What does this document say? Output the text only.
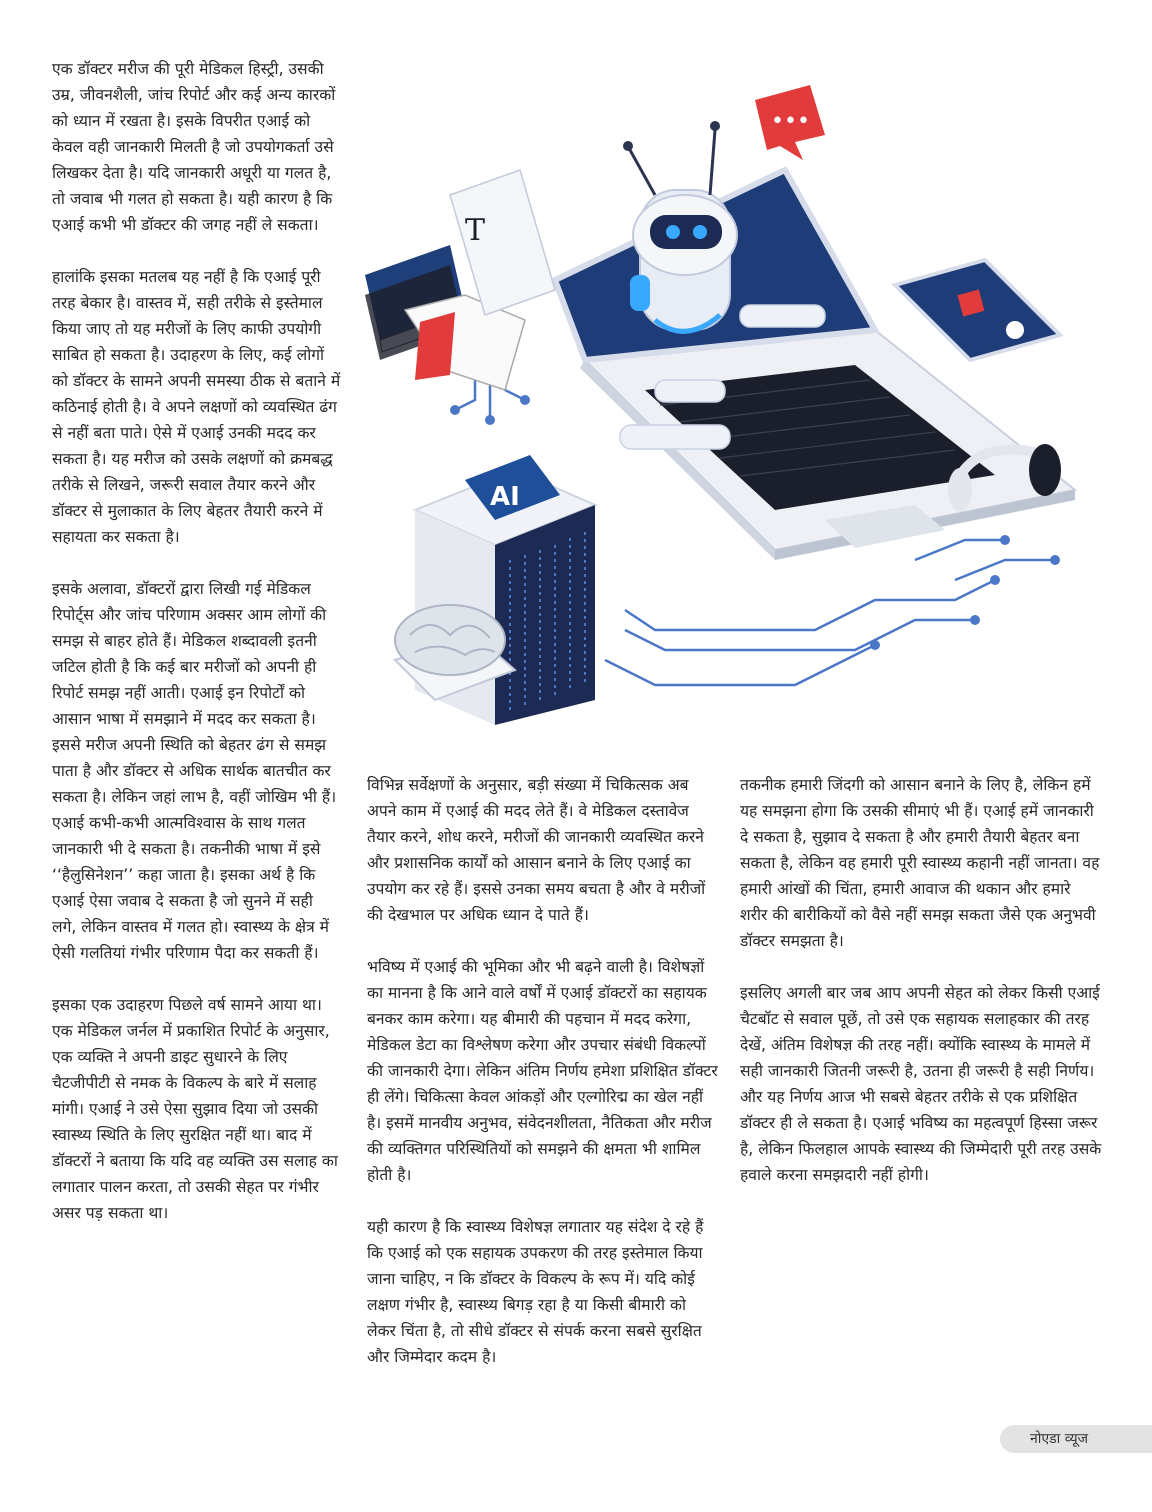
एक डॉक्टर मरीज की पूरी मेडिकल हिस्ट्री, उसकी उम्र, जीवनशैली, जांच रिपोर्ट और कई अन्य कारकों को ध्यान में रखता है। इसके विपरीत एआई को केवल वही जानकारी मिलती है जो उपयोगकर्ता उसे लिखकर देता है। यदि जानकारी अधूरी या गलत है, तो जवाब भी गलत हो सकता है। यही कारण है कि एआई कभी भी डॉक्टर की जगह नहीं ले सकता।

हालांकि इसका मतलब यह नहीं है कि एआई पूरी तरह बेकार है। वास्तव में, सही तरीके से इस्तेमाल किया जाए तो यह मरीजों के लिए काफी उपयोगी साबित हो सकता है। उदाहरण के लिए, कई लोगों को डॉक्टर के सामने अपनी समस्या ठीक से बताने में कठिनाई होती है। वे अपने लक्षणों को व्यवस्थित ढंग से नहीं बता पाते। ऐसे में एआई उनकी मदद कर सकता है। यह मरीज को उसके लक्षणों को क्रमबद्ध तरीके से लिखने, जरूरी सवाल तैयार करने और डॉक्टर से मुलाकात के लिए बेहतर तैयारी करने में सहायता कर सकता है।

इसके अलावा, डॉक्टरों द्वारा लिखी गई मेडिकल रिपोर्ट्स और जांच परिणाम अक्सर आम लोगों की समझ से बाहर होते हैं। मेडिकल शब्दावली इतनी जटिल होती है कि कई बार मरीजों को अपनी ही रिपोर्ट समझ नहीं आती। एआई इन रिपोर्टों को आसान भाषा में समझाने में मदद कर सकता है। इससे मरीज अपनी स्थिति को बेहतर ढंग से समझ पाता है और डॉक्टर से अधिक सार्थक बातचीत कर सकता है। लेकिन जहां लाभ है, वहीं जोखिम भी हैं। एआई कभी-कभी आत्मविश्वास के साथ गलत जानकारी भी दे सकता है। तकनीकी भाषा में इसे ‘‘हैलुसिनेशन’’ कहा जाता है। इसका अर्थ है कि एआई ऐसा जवाब दे सकता है जो सुनने में सही लगे, लेकिन वास्तव में गलत हो। स्वास्थ्य के क्षेत्र में ऐसी गलतियां गंभीर परिणाम पैदा कर सकती हैं।

इसका एक उदाहरण पिछले वर्ष सामने आया था। एक मेडिकल जर्नल में प्रकाशित रिपोर्ट के अनुसार, एक व्यक्ति ने अपनी डाइट सुधारने के लिए चैटजीपीटी से नमक के विकल्प के बारे में सलाह मांगी। एआई ने उसे ऐसा सुझाव दिया जो उसकी स्वास्थ्य स्थिति के लिए सुरक्षित नहीं था। बाद में डॉक्टरों ने बताया कि यदि वह व्यक्ति उस सलाह का लगातार पालन करता, तो उसकी सेहत पर गंभीर असर पड़ सकता था।

•••
T
AI

विभिन्न सर्वेक्षणों के अनुसार, बड़ी संख्या में चिकित्सक अब अपने काम में एआई की मदद लेते हैं। वे मेडिकल दस्तावेज तैयार करने, शोध करने, मरीजों की जानकारी व्यवस्थित करने और प्रशासनिक कार्यों को आसान बनाने के लिए एआई का उपयोग कर रहे हैं। इससे उनका समय बचता है और वे मरीजों की देखभाल पर अधिक ध्यान दे पाते हैं।

भविष्य में एआई की भूमिका और भी बढ़ने वाली है। विशेषज्ञों का मानना है कि आने वाले वर्षों में एआई डॉक्टरों का सहायक बनकर काम करेगा। यह बीमारी की पहचान में मदद करेगा, मेडिकल डेटा का विश्लेषण करेगा और उपचार संबंधी विकल्पों की जानकारी देगा। लेकिन अंतिम निर्णय हमेशा प्रशिक्षित डॉक्टर ही लेंगे। चिकित्सा केवल आंकड़ों और एल्गोरिद्म का खेल नहीं है। इसमें मानवीय अनुभव, संवेदनशीलता, नैतिकता और मरीज की व्यक्तिगत परिस्थितियों को समझने की क्षमता भी शामिल होती है।

यही कारण है कि स्वास्थ्य विशेषज्ञ लगातार यह संदेश दे रहे हैं कि एआई को एक सहायक उपकरण की तरह इस्तेमाल किया जाना चाहिए, न कि डॉक्टर के विकल्प के रूप में। यदि कोई लक्षण गंभीर है, स्वास्थ्य बिगड़ रहा है या किसी बीमारी को लेकर चिंता है, तो सीधे डॉक्टर से संपर्क करना सबसे सुरक्षित और जिम्मेदार कदम है।

तकनीक हमारी जिंदगी को आसान बनाने के लिए है, लेकिन हमें यह समझना होगा कि उसकी सीमाएं भी हैं। एआई हमें जानकारी दे सकता है, सुझाव दे सकता है और हमारी तैयारी बेहतर बना सकता है, लेकिन वह हमारी पूरी स्वास्थ्य कहानी नहीं जानता। वह हमारी आंखों की चिंता, हमारी आवाज की थकान और हमारे शरीर की बारीकियों को वैसे नहीं समझ सकता जैसे एक अनुभवी डॉक्टर समझता है।

इसलिए अगली बार जब आप अपनी सेहत को लेकर किसी एआई चैटबॉट से सवाल पूछें, तो उसे एक सहायक सलाहकार की तरह देखें, अंतिम विशेषज्ञ की तरह नहीं। क्योंकि स्वास्थ्य के मामले में सही जानकारी जितनी जरूरी है, उतना ही जरूरी है सही निर्णय। और यह निर्णय आज भी सबसे बेहतर तरीके से एक प्रशिक्षित डॉक्टर ही ले सकता है। एआई भविष्य का महत्वपूर्ण हिस्सा जरूर है, लेकिन फिलहाल आपके स्वास्थ्य की जिम्मेदारी पूरी तरह उसके हवाले करना समझदारी नहीं होगी।

नोएडा व्यूज
